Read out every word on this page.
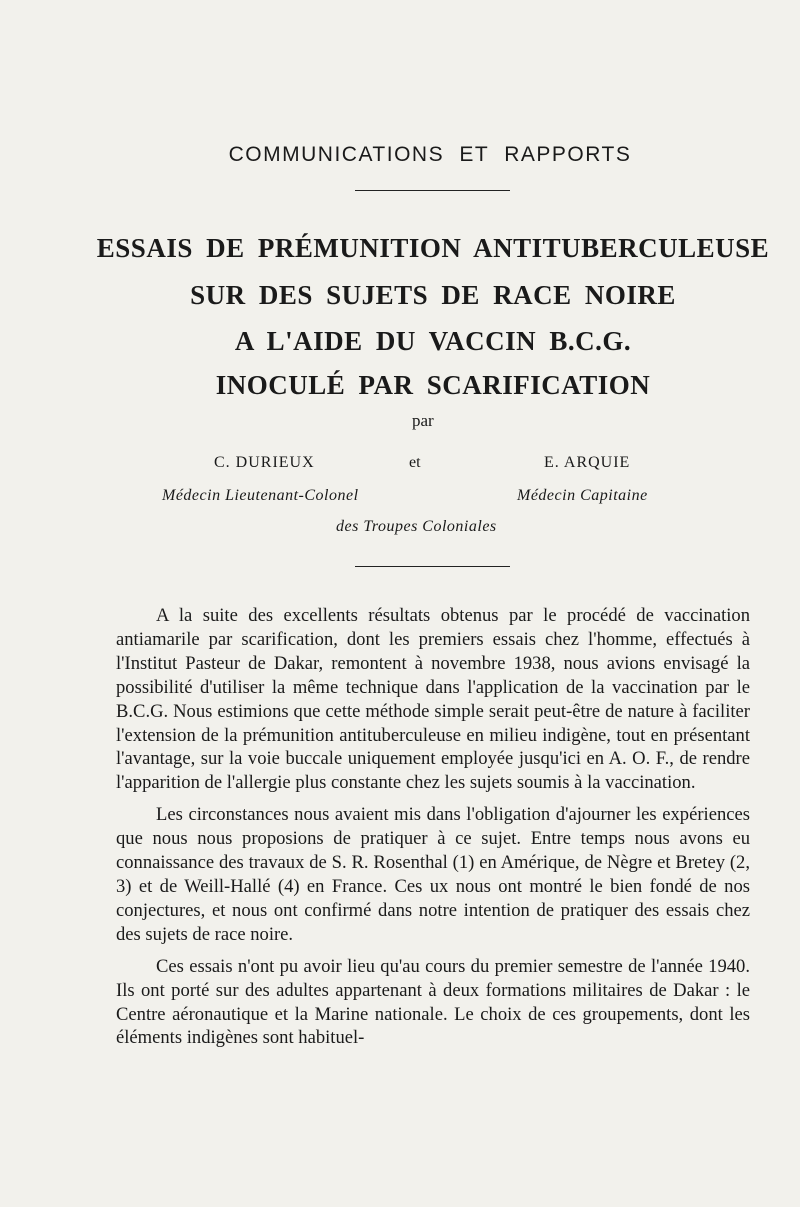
COMMUNICATIONS ET RAPPORTS
ESSAIS DE PRÉMUNITION ANTITUBERCULEUSE
SUR DES SUJETS DE RACE NOIRE
A L'AIDE DU VACCIN B.C.G.
INOCULÉ PAR SCARIFICATION
par
C. DURIEUX	et	E. ARQUIE
Médecin Lieutenant-Colonel	Médecin Capitaine
des Troupes Coloniales

A la suite des excellents résultats obtenus par le procédé de vaccination antiamarile par scarification, dont les premiers essais chez l'homme, effectués à l'Institut Pasteur de Dakar, remontent à novembre 1938, nous avions envisagé la possibilité d'utiliser la même technique dans l'application de la vaccination par le B.C.G. Nous estimions que cette méthode simple serait peut-être de nature à faciliter l'extension de la prémunition antituberculeuse en milieu indigène, tout en présentant l'avantage, sur la voie buccale uniquement employée jusqu'ici en A. O. F., de rendre l'apparition de l'allergie plus constante chez les sujets soumis à la vaccination.

Les circonstances nous avaient mis dans l'obligation d'ajourner les expériences que nous nous proposions de pratiquer à ce sujet. Entre temps nous avons eu connaissance des travaux de S. R. Rosenthal (1) en Amérique, de Nègre et Bretey (2, 3) et de Weill-Hallé (4) en France. Ces ux nous ont montré le bien fondé de nos conjectures, et nous ont confirmé dans notre intention de pratiquer des essais chez des sujets de race noire.

Ces essais n'ont pu avoir lieu qu'au cours du premier semestre de l'année 1940. Ils ont porté sur des adultes appartenant à deux formations militaires de Dakar : le Centre aéronautique et la Marine nationale. Le choix de ces groupements, dont les éléments indigènes sont habituel-
